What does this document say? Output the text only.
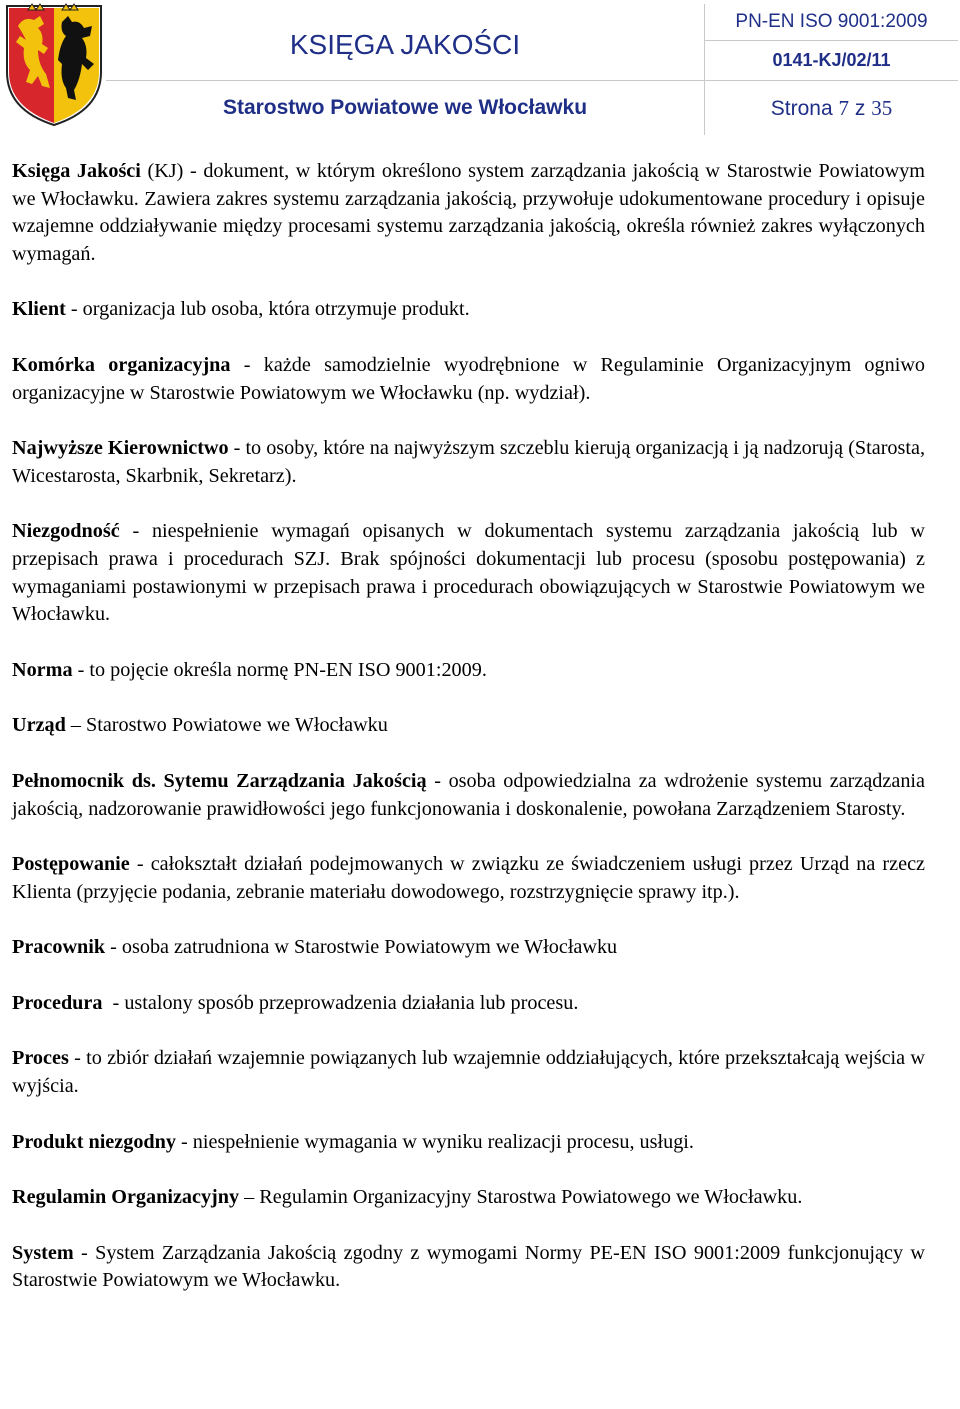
KSIĘGA JAKOŚCI	PN-EN ISO 9001:2009
	0141-KJ/02/11
Starostwo Powiatowe we Włocławku	Strona 7 z 35

Księga Jakości (KJ) - dokument, w którym określono system zarządzania jakością w Starostwie Powiatowym we Włocławku. Zawiera zakres systemu zarządzania jakością, przywołuje udokumentowane procedury i opisuje wzajemne oddziaływanie między procesami systemu zarządzania jakością, określa również zakres wyłączonych wymagań.

Klient - organizacja lub osoba, która otrzymuje produkt.

Komórka organizacyjna - każde samodzielnie wyodrębnione w Regulaminie Organizacyjnym ogniwo organizacyjne w Starostwie Powiatowym we Włocławku (np. wydział).

Najwyższe Kierownictwo - to osoby, które na najwyższym szczeblu kierują organizacją i ją nadzorują (Starosta, Wicestarosta, Skarbnik, Sekretarz).

Niezgodność - niespełnienie wymagań opisanych w dokumentach systemu zarządzania jakością lub w przepisach prawa i procedurach SZJ. Brak spójności dokumentacji lub procesu (sposobu postępowania) z wymaganiami postawionymi w przepisach prawa i procedurach obowiązujących w Starostwie Powiatowym we Włocławku.

Norma - to pojęcie określa normę PN-EN ISO 9001:2009.

Urząd – Starostwo Powiatowe we Włocławku

Pełnomocnik ds. Sytemu Zarządzania Jakością - osoba odpowiedzialna za wdrożenie systemu zarządzania jakością, nadzorowanie prawidłowości jego funkcjonowania i doskonalenie, powołana Zarządzeniem Starosty.

Postępowanie - całokształt działań podejmowanych w związku ze świadczeniem usługi przez Urząd na rzecz Klienta (przyjęcie podania, zebranie materiału dowodowego, rozstrzygnięcie sprawy itp.).

Pracownik - osoba zatrudniona w Starostwie Powiatowym we Włocławku

Procedura  - ustalony sposób przeprowadzenia działania lub procesu.

Proces - to zbiór działań wzajemnie powiązanych lub wzajemnie oddziałujących, które przekształcają wejścia w wyjścia.

Produkt niezgodny - niespełnienie wymagania w wyniku realizacji procesu, usługi.

Regulamin Organizacyjny – Regulamin Organizacyjny Starostwa Powiatowego we Włocławku.

System - System Zarządzania Jakością zgodny z wymogami Normy PE-EN ISO 9001:2009 funkcjonujący w Starostwie Powiatowym we Włocławku.
